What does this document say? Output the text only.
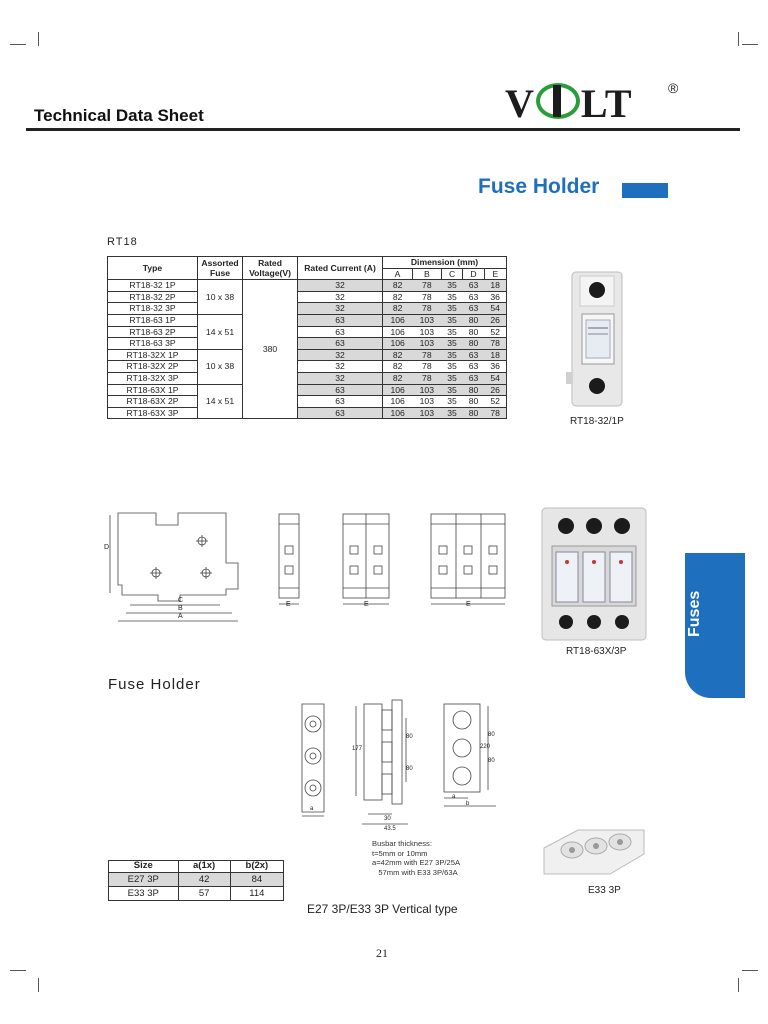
Technical Data Sheet	V LT	®
Fuse Holder
RT18
Type	Assorted Fuse	Rated Voltage(V)	Rated Current (A)	Dimension (mm)				
				A	B	C	D	E
RT18-32 1P	10 x 38	380	32	82	78	35	63	18
RT18-32 2P			32	82	78	35	63	36
RT18-32 3P			32	82	78	35	63	54
RT18-63 1P	14 x 51		63	106	103	35	80	26
RT18-63 2P			63	106	103	35	80	52
RT18-63 3P			63	106	103	35	80	78
RT18-32X 1P	10 x 38		32	82	78	35	63	18
RT18-32X 2P			32	82	78	35	63	36
RT18-32X 3P			32	82	78	35	63	54
RT18-63X 1P	14 x 51		63	106	103	35	80	26
RT18-63X 2P			63	106	103	35	80	52
RT18-63X 3P			63	106	103	35	80	78
RT18-32/1P
D
C
B
A
E	E	E
RT18-63X/3P
Fuses
Fuse Holder
a
177
80
80
30
43.5
220
80
80
a
b
E33 3P
Size	a(1x)	b(2x)
E27 3P	42	84
E33 3P	57	114
Busbar thickness:
t=5mm or 10mm
a=42mm with E27 3P/25A
57mm with E33 3P/63A
E27 3P/E33 3P Vertical type
21
